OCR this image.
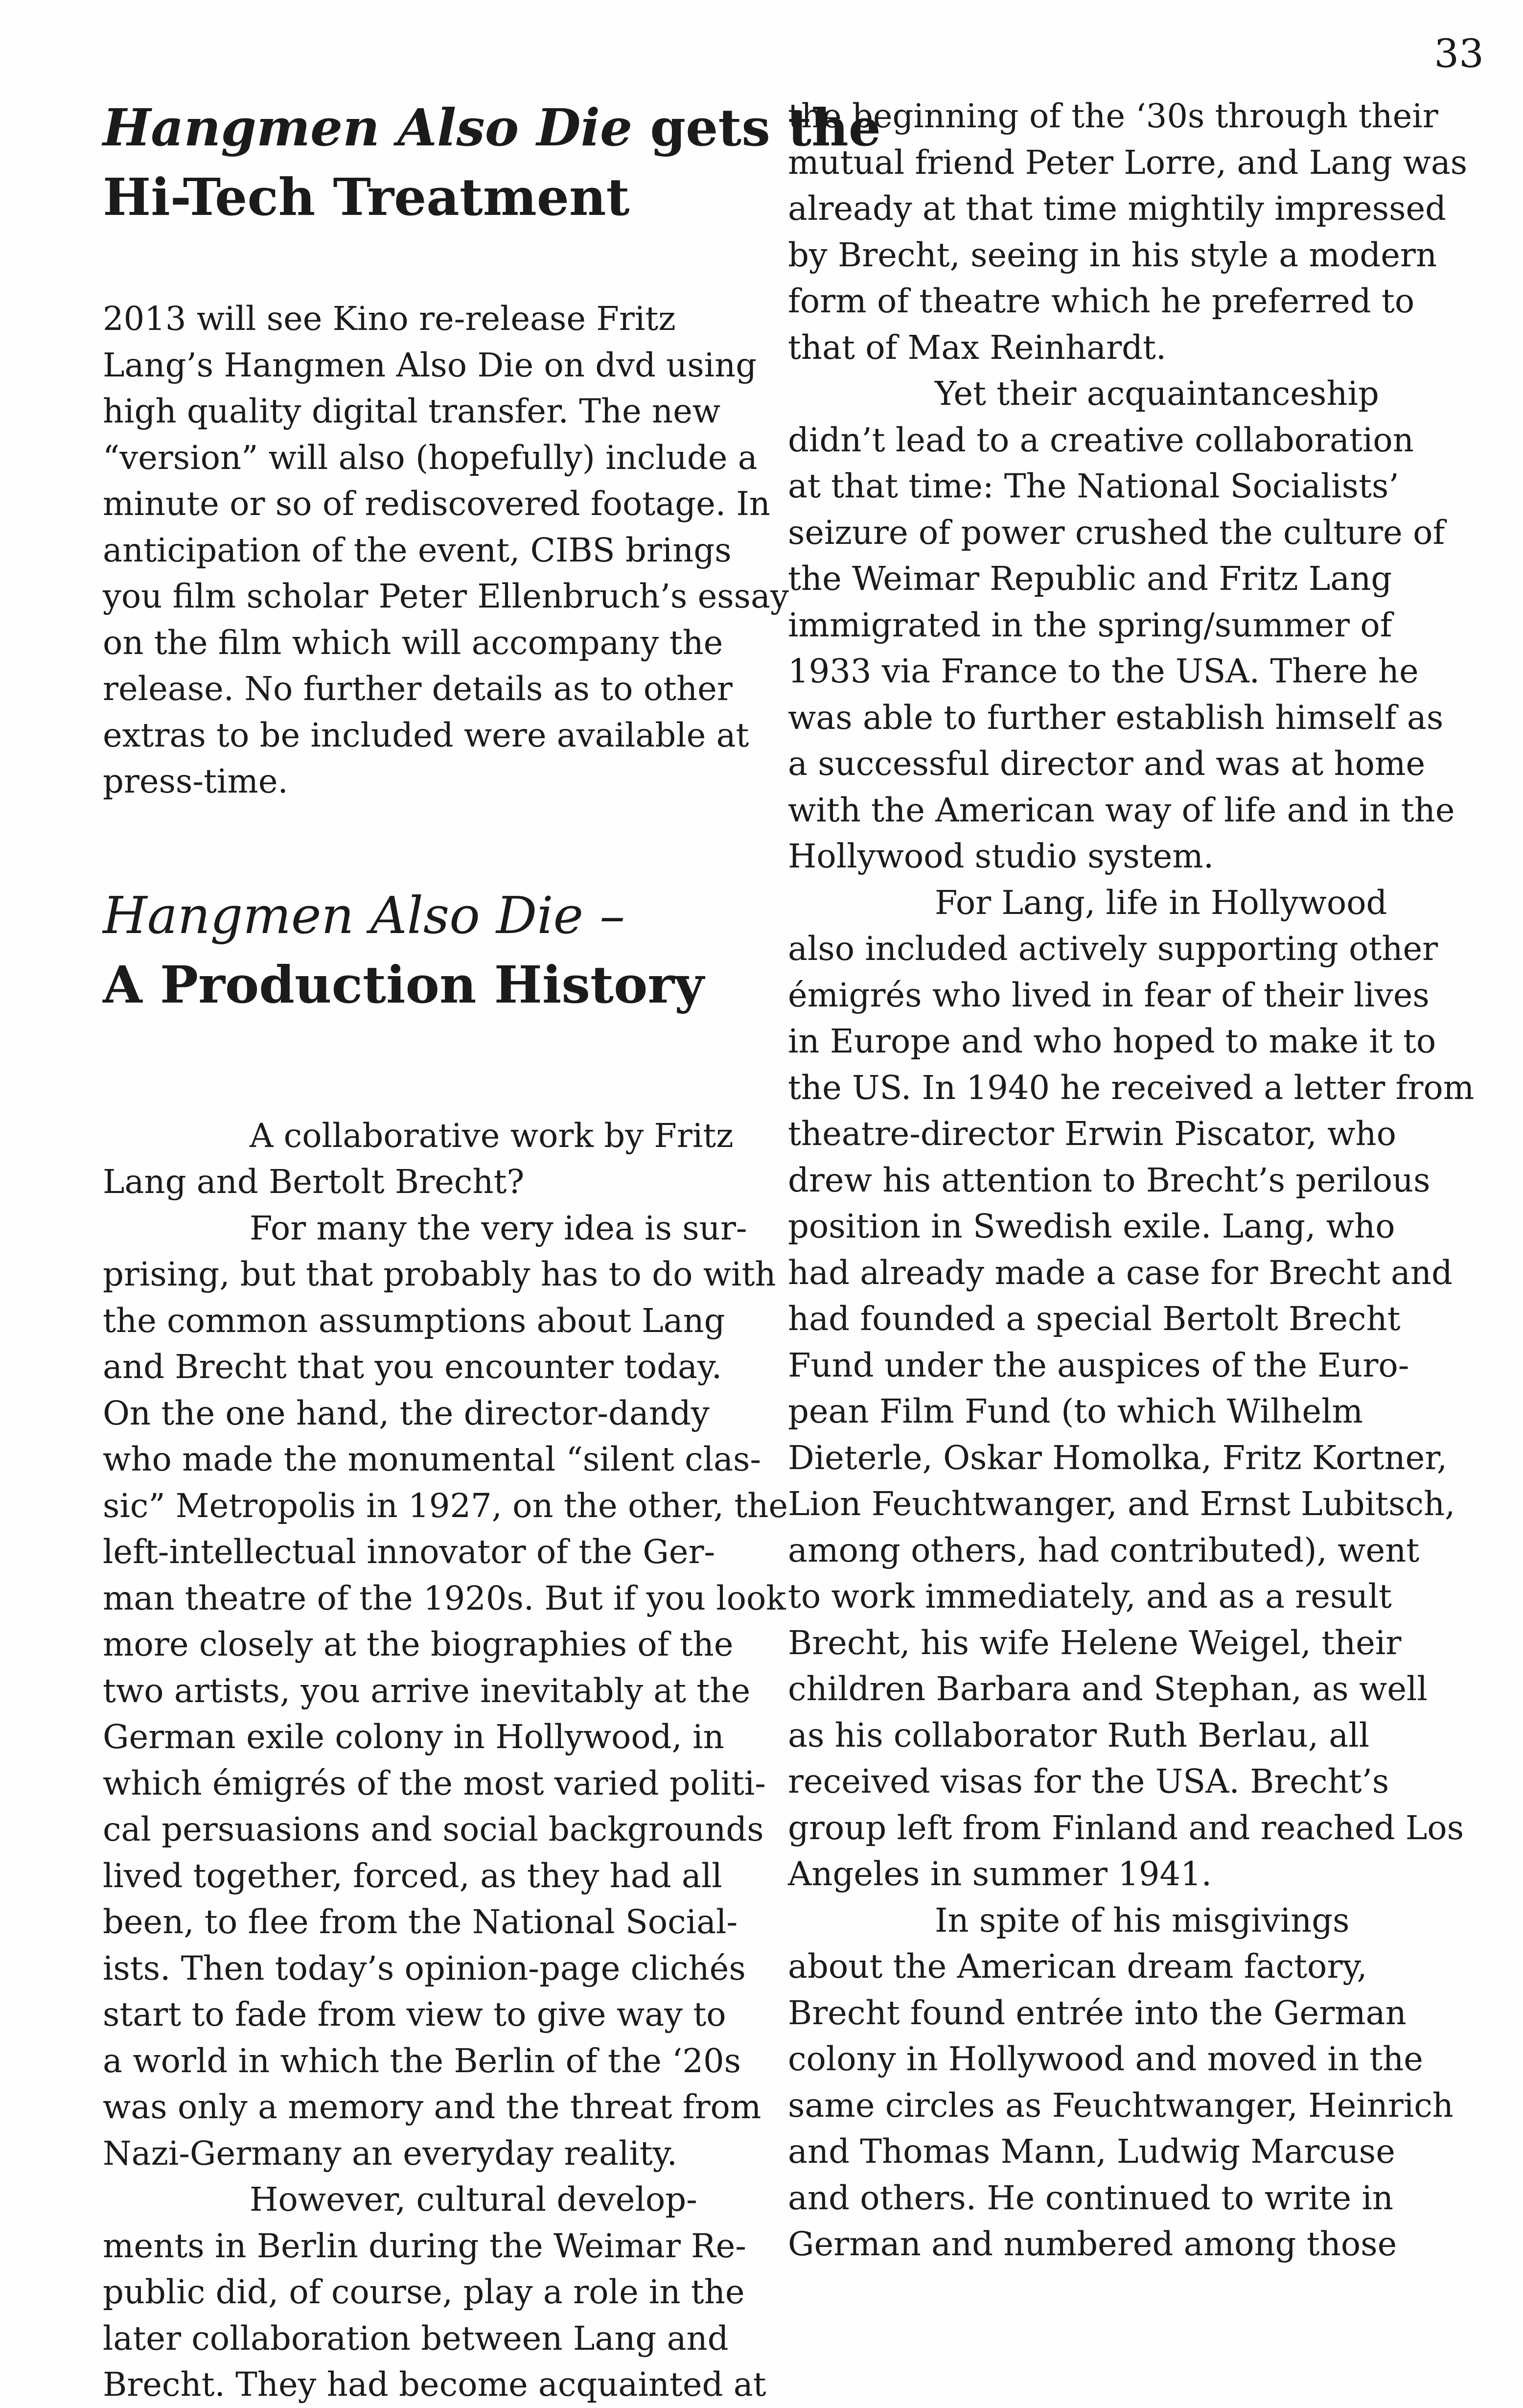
33
Hangmen Also Die gets the
Hi-Tech Treatment
2013 will see Kino re-release Fritz
Lang’s Hangmen Also Die on dvd using
high quality digital transfer. The new
“version” will also (hopefully) include a
minute or so of rediscovered footage. In
anticipation of the event, CIBS brings
you film scholar Peter Ellenbruch’s essay
on the film which will accompany the
release. No further details as to other
extras to be included were available at
press-time.
Hangmen Also Die –
A Production History
A collaborative work by Fritz
Lang and Bertolt Brecht?
For many the very idea is sur-
prising, but that probably has to do with
the common assumptions about Lang
and Brecht that you encounter today.
On the one hand, the director-dandy
who made the monumental “silent clas-
sic” Metropolis in 1927, on the other, the
left-intellectual innovator of the Ger-
man theatre of the 1920s. But if you look
more closely at the biographies of the
two artists, you arrive inevitably at the
German exile colony in Hollywood, in
which émigrés of the most varied politi-
cal persuasions and social backgrounds
lived together, forced, as they had all
been, to flee from the National Social-
ists. Then today’s opinion-page clichés
start to fade from view to give way to
a world in which the Berlin of the ‘20s
was only a memory and the threat from
Nazi-Germany an everyday reality.
However, cultural develop-
ments in Berlin during the Weimar Re-
public did, of course, play a role in the
later collaboration between Lang and
Brecht. They had become acquainted at
the beginning of the ‘30s through their
mutual friend Peter Lorre, and Lang was
already at that time mightily impressed
by Brecht, seeing in his style a modern
form of theatre which he preferred to
that of Max Reinhardt.
Yet their acquaintanceship
didn’t lead to a creative collaboration
at that time: The National Socialists’
seizure of power crushed the culture of
the Weimar Republic and Fritz Lang
immigrated in the spring/summer of
1933 via France to the USA. There he
was able to further establish himself as
a successful director and was at home
with the American way of life and in the
Hollywood studio system.
For Lang, life in Hollywood
also included actively supporting other
émigrés who lived in fear of their lives
in Europe and who hoped to make it to
the US. In 1940 he received a letter from
theatre-director Erwin Piscator, who
drew his attention to Brecht’s perilous
position in Swedish exile. Lang, who
had already made a case for Brecht and
had founded a special Bertolt Brecht
Fund under the auspices of the Euro-
pean Film Fund (to which Wilhelm
Dieterle, Oskar Homolka, Fritz Kortner,
Lion Feuchtwanger, and Ernst Lubitsch,
among others, had contributed), went
to work immediately, and as a result
Brecht, his wife Helene Weigel, their
children Barbara and Stephan, as well
as his collaborator Ruth Berlau, all
received visas for the USA. Brecht’s
group left from Finland and reached Los
Angeles in summer 1941.
In spite of his misgivings
about the American dream factory,
Brecht found entrée into the German
colony in Hollywood and moved in the
same circles as Feuchtwanger, Heinrich
and Thomas Mann, Ludwig Marcuse
and others. He continued to write in
German and numbered among those
